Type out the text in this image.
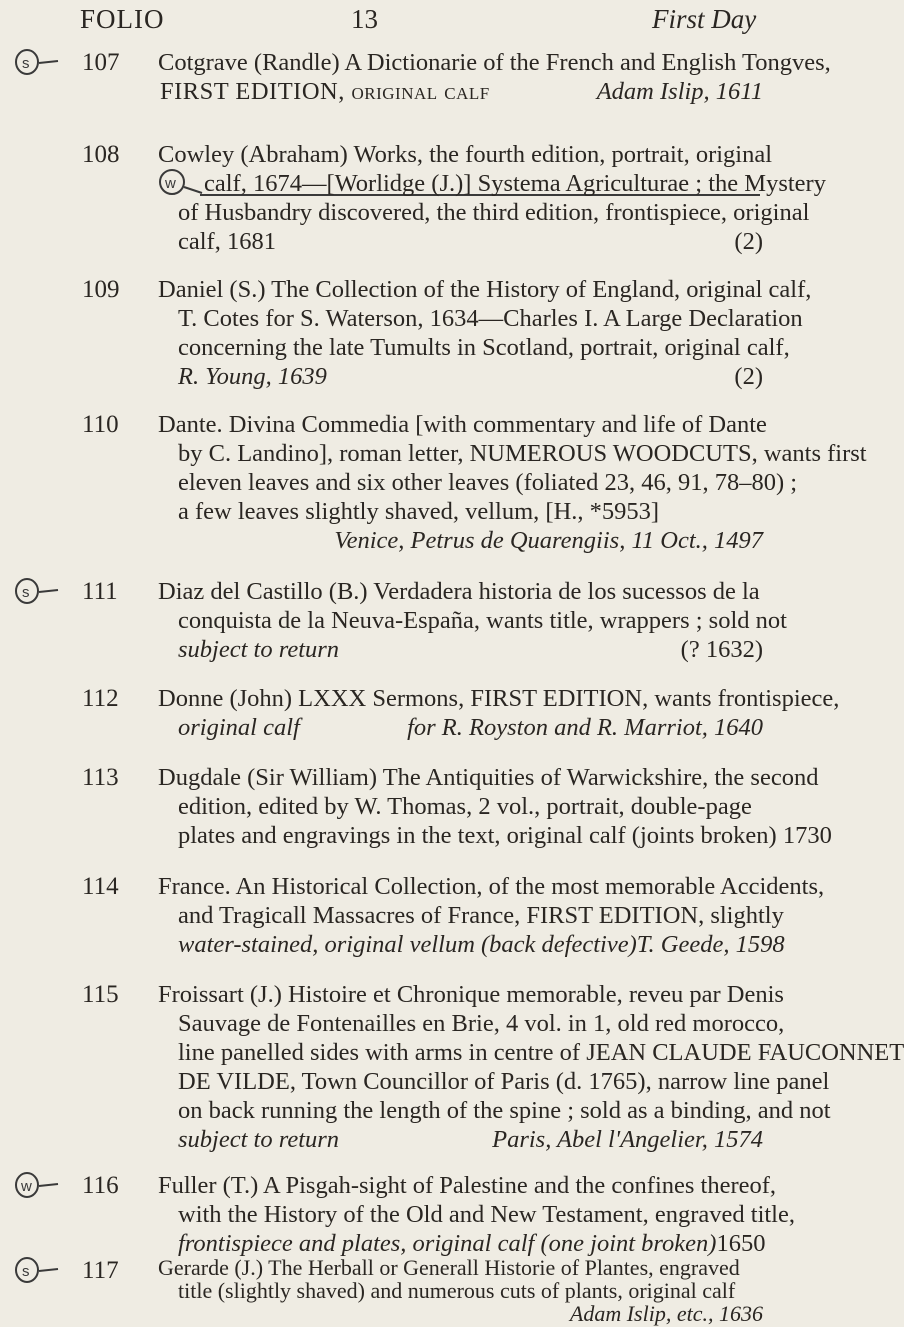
FOLIO	13	First Day
s 107	Cotgrave (Randle) A Dictionarie of the French and English Tongves,
FIRST EDITION, original calf	Adam Islip, 1611
108
w
Cowley (Abraham) Works, the fourth edition, portrait, original
calf, 1674—[Worlidge (J.)] Systema Agriculturae ; the Mystery
of Husbandry discovered, the third edition, frontispiece, original
calf, 1681	(2)
109	Daniel (S.) The Collection of the History of England, original calf,
T. Cotes for S. Waterson, 1634—Charles I. A Large Declaration
concerning the late Tumults in Scotland, portrait, original calf,
R. Young, 1639	(2)
110	Dante. Divina Commedia [with commentary and life of Dante
by C. Landino], roman letter, NUMEROUS WOODCUTS, wants first
eleven leaves and six other leaves (foliated 23, 46, 91, 78–80) ;
a few leaves slightly shaved, vellum, [H., *5953]
Venice, Petrus de Quarengiis, 11 Oct., 1497
s 111	Diaz del Castillo (B.) Verdadera historia de los sucessos de la
conquista de la Neuva-España, wants title, wrappers ; sold not
subject to return	(? 1632)
112	Donne (John) LXXX Sermons, FIRST EDITION, wants frontispiece,
original calf	for R. Royston and R. Marriot, 1640
113	Dugdale (Sir William) The Antiquities of Warwickshire, the second
edition, edited by W. Thomas, 2 vol., portrait, double-page
plates and engravings in the text, original calf (joints broken) 1730
114	France. An Historical Collection, of the most memorable Accidents,
and Tragicall Massacres of France, FIRST EDITION, slightly
water-stained, original vellum (back defective) T. Geede, 1598
115	Froissart (J.) Histoire et Chronique memorable, reveu par Denis
Sauvage de Fontenailles en Brie, 4 vol. in 1, old red morocco,
line panelled sides with arms in centre of JEAN CLAUDE FAUCONNET
DE VILDE, Town Councillor of Paris (d. 1765), narrow line panel
on back running the length of the spine ; sold as a binding, and not
subject to return	Paris, Abel l'Angelier, 1574
w 116	Fuller (T.) A Pisgah-sight of Palestine and the confines thereof,
with the History of the Old and New Testament, engraved title,
frontispiece and plates, original calf (one joint broken) 1650
s 117	Gerarde (J.) The Herball or Generall Historie of Plantes, engraved
title (slightly shaved) and numerous cuts of plants, original calf
Adam Islip, etc., 1636
